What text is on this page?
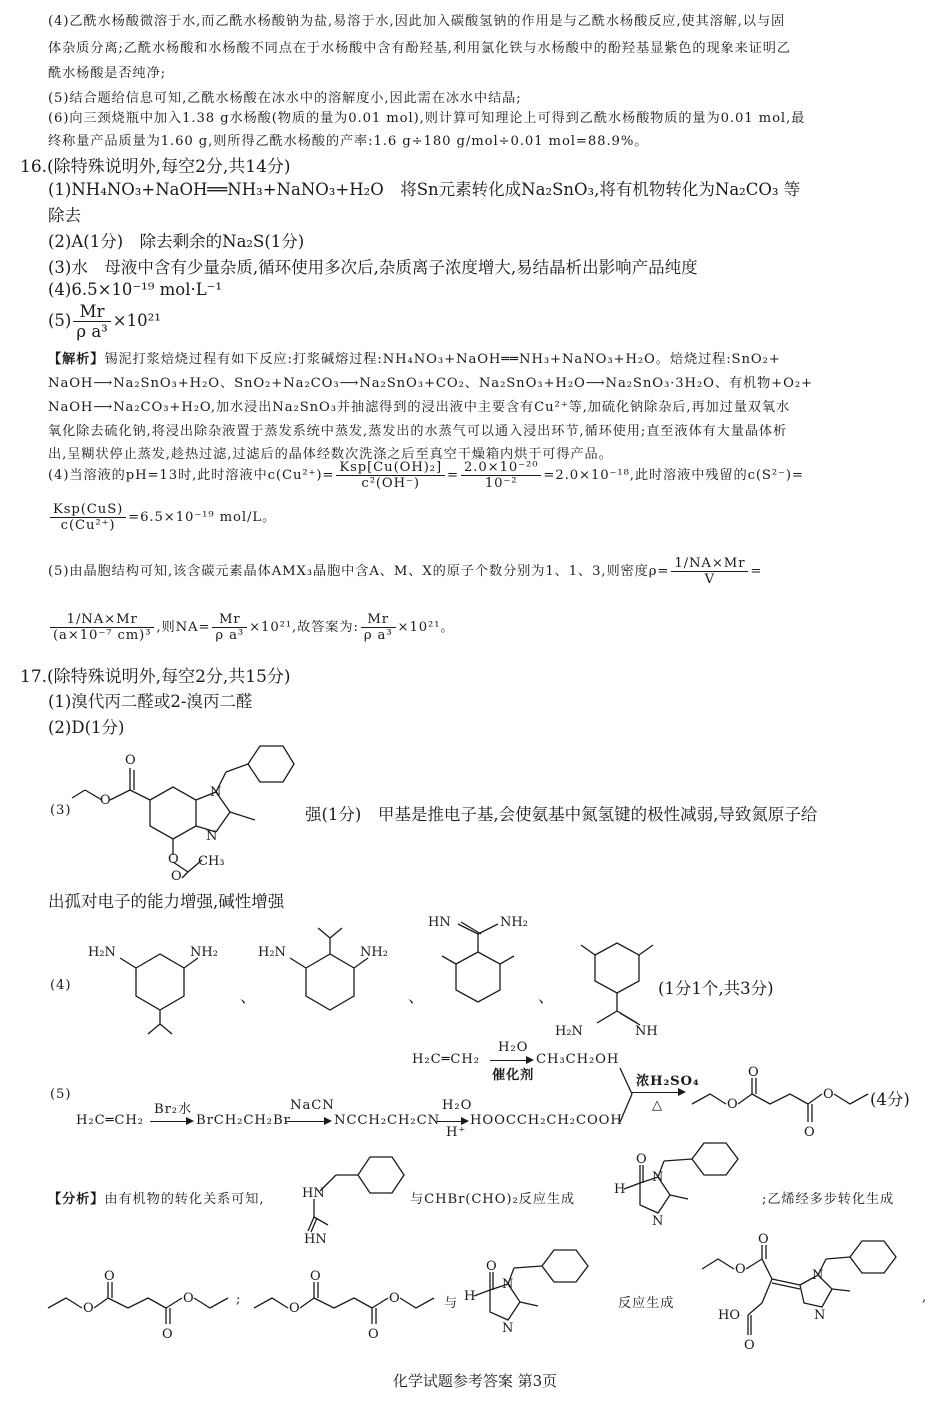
(4)乙酰水杨酸微溶于水,而乙酰水杨酸钠为盐,易溶于水,因此加入碳酸氢钠的作用是与乙酰水杨酸反应,使其溶解,以与固
体杂质分离;乙酰水杨酸和水杨酸不同点在于水杨酸中含有酚羟基,利用氯化铁与水杨酸中的酚羟基显紫色的现象来证明乙
酰水杨酸是否纯净;
(5)结合题给信息可知,乙酰水杨酸在冰水中的溶解度小,因此需在冰水中结晶;
(6)向三颈烧瓶中加入1.38 g水杨酸(物质的量为0.01 mol),则计算可知理论上可得到乙酰水杨酸物质的量为0.01 mol,最
终称量产品质量为1.60 g,则所得乙酰水杨酸的产率:1.6 g÷180 g/mol÷0.01 mol=88.9%。
16.(除特殊说明外,每空2分,共14分)
(1)NH₄NO₃+NaOH══NH₃+NaNO₃+H₂O　将Sn元素转化成Na₂SnO₃,将有机物转化为Na₂CO₃ 等
除去
(2)A(1分)　除去剩余的Na₂S(1分)
(3)水　母液中含有少量杂质,循环使用多次后,杂质离子浓度增大,易结晶析出影响产品纯度
(4)6.5×10⁻¹⁹ mol·L⁻¹
$(5) \frac{Mr}{\text{ρ a³}} \times 10^{21}$
【解析】锡泥打浆焙烧过程有如下反应:打浆碱熔过程:NH₄NO₃+NaOH══NH₃+NaNO₃+H₂O。焙烧过程:SnO₂+
NaOH⟶Na₂SnO₃+H₂O、SnO₂+Na₂CO₃⟶Na₂SnO₃+CO₂、Na₂SnO₃+H₂O⟶Na₂SnO₃·3H₂O、有机物+O₂+
NaOH⟶Na₂CO₃+H₂O,加水浸出Na₂SnO₃并抽滤得到的浸出液中主要含有Cu²⁺等,加硫化钠除杂后,再加过量双氧水
氧化除去硫化钠,将浸出除杂液置于蒸发系统中蒸发,蒸发出的水蒸气可以通入浸出环节,循环使用;直至液体有大量晶体析
出,呈糊状停止蒸发,趁热过滤,过滤后的晶体经数次洗涤之后至真空干燥箱内烘干可得产品。
(4)当溶液的pH=13时,此时溶液中$c(Cu^{2+})= \frac{\text{Ksp[Cu(OH)₂]}}{\text{c²(OH⁻)}} = \frac{\text{2.0×10⁻²⁰}}{\text{10⁻²}} =2.0\times 10^{-18}$,此时溶液中残留的c(S²⁻)=
$\frac{\text{Ksp(CuS)}}{\text{c(Cu²⁺)}} =6.5\times 10^{-19}$ mol/L。
(5)由晶胞结构可知,该含碳元素晶体AMX₃晶胞中含A、M、X的原子个数分别为1、1、3,则密度$\rho= \frac{1/NA\times Mr}{V}$ =
$\frac{1/NA\times Mr}{\text{(a×10⁻⁷ cm)³}}$ ,则$NA= \frac{Mr}{\text{ρ a³}} \times 10^{21}$,故答案为: $\frac{Mr}{\text{ρ a³}} \times 10^{21}$。
17.(除特殊说明外,每空2分,共15分)
(1)溴代丙二醛或2-溴丙二醛
(2)D(1分)
(3)
O
O
N
N
O
O
CH₃
强(1分)　甲基是推电子基,会使氨基中氮氢键的极性减弱,导致氮原子给
出孤对电子的能力增强,碱性增强
(4)
H₂N	NH₂
、
H₂N	NH₂
、
HN	NH₂
、
H₂N	NH
(1分1个,共3分)
(5)
H₂C═CH₂
Br₂水
BrCH₂CH₂Br
NaCN
NCCH₂CH₂CN
H₂O
H⁺
HOOCCH₂CH₂COOH
H₂C═CH₂
H₂O
催化剂
CH₃CH₂OH
浓H₂SO₄
△
O
O
O
O (4分)
【分析】由有机物的转化关系可知,	HN
HN
与CHBr(CHO)₂反应生成
H
O
N
N
;乙烯经多步转化生成
O
O
O
O	;
O
O
O
O	与 H
O
N
N
反应生成
O
O
HO
O
N
N
,
化学试题参考答案 第3页
